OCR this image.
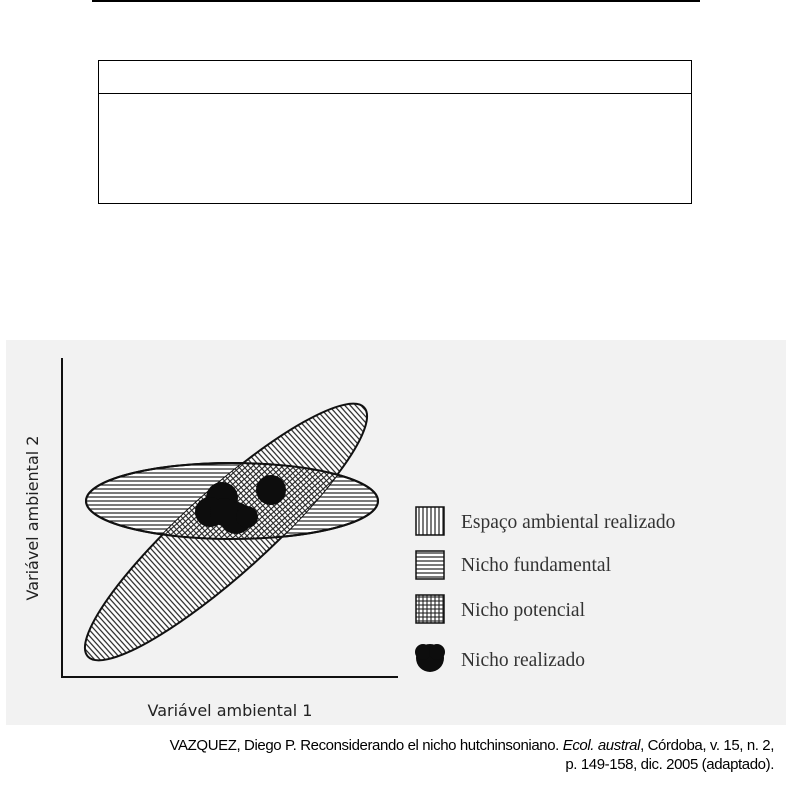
Variável ambiental 1
Variável ambiental 2	Espaço ambiental realizado
Nicho fundamental
Nicho potencial
Nicho realizado
VAZQUEZ, Diego P. Reconsiderando el nicho hutchinsoniano. Ecol. austral, Córdoba, v. 15, n. 2,
p. 149-158, dic. 2005 (adaptado).
